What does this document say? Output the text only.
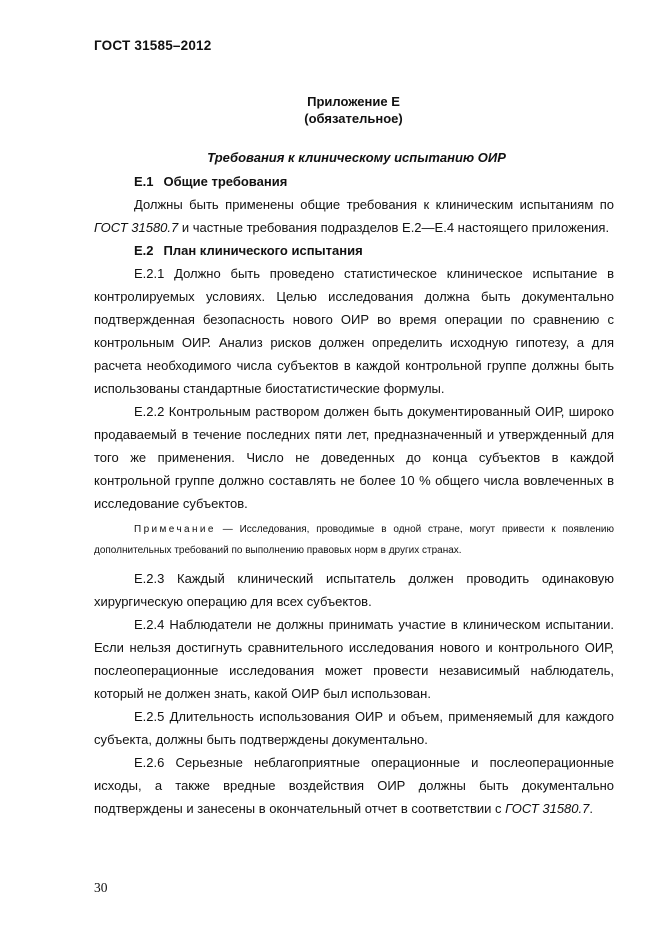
ГОСТ 31585–2012
Приложение Е
(обязательное)
Требования к клиническому испытанию ОИР

Е.1 Общие требования

Должны быть применены общие требования к клиническим испытаниям по ГОСТ 31580.7 и частные требования подразделов Е.2—Е.4 настоящего приложения.

Е.2 План клинического испытания

Е.2.1 Должно быть проведено статистическое клиническое испытание в контролируемых условиях. Целью исследования должна быть документально подтвержденная безопасность нового ОИР во время операции по сравнению с контрольным ОИР. Анализ рисков должен определить исходную гипотезу, а для расчета необходимого числа субъектов в каждой контрольной группе должны быть использованы стандартные биостатистические формулы.

Е.2.2 Контрольным раствором должен быть документированный ОИР, широко продаваемый в течение последних пяти лет, предназначенный и утвержденный для того же применения. Число не доведенных до конца субъектов в каждой контрольной группе должно составлять не более 10 % общего числа вовлеченных в исследование субъектов.

Примечание — Исследования, проводимые в одной стране, могут привести к появлению дополнительных требований по выполнению правовых норм в других странах.

Е.2.3 Каждый клинический испытатель должен проводить одинаковую хирургическую операцию для всех субъектов.

Е.2.4 Наблюдатели не должны принимать участие в клиническом испытании. Если нельзя достигнуть сравнительного исследования нового и контрольного ОИР, послеоперационные исследования может провести независимый наблюдатель, который не должен знать, какой ОИР был использован.

Е.2.5 Длительность использования ОИР и объем, применяемый для каждого субъекта, должны быть подтверждены документально.

Е.2.6 Серьезные неблагоприятные операционные и послеоперационные исходы, а также вредные воздействия ОИР должны быть документально подтверждены и занесены в окончательный отчет в соответствии с ГОСТ 31580.7.

30
